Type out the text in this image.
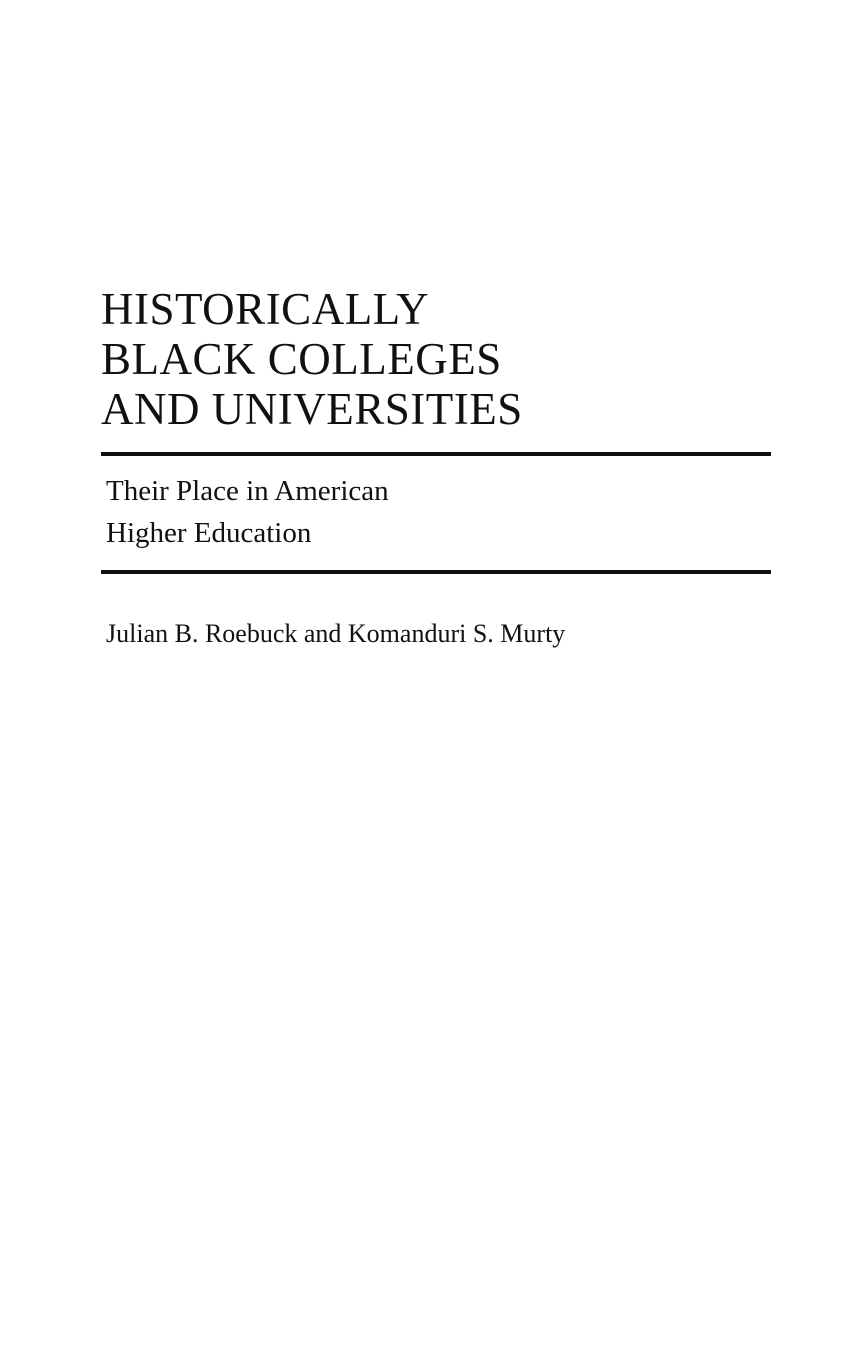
HISTORICALLY
BLACK COLLEGES
AND UNIVERSITIES
Their Place in American
Higher Education
Julian B. Roebuck and Komanduri S. Murty
